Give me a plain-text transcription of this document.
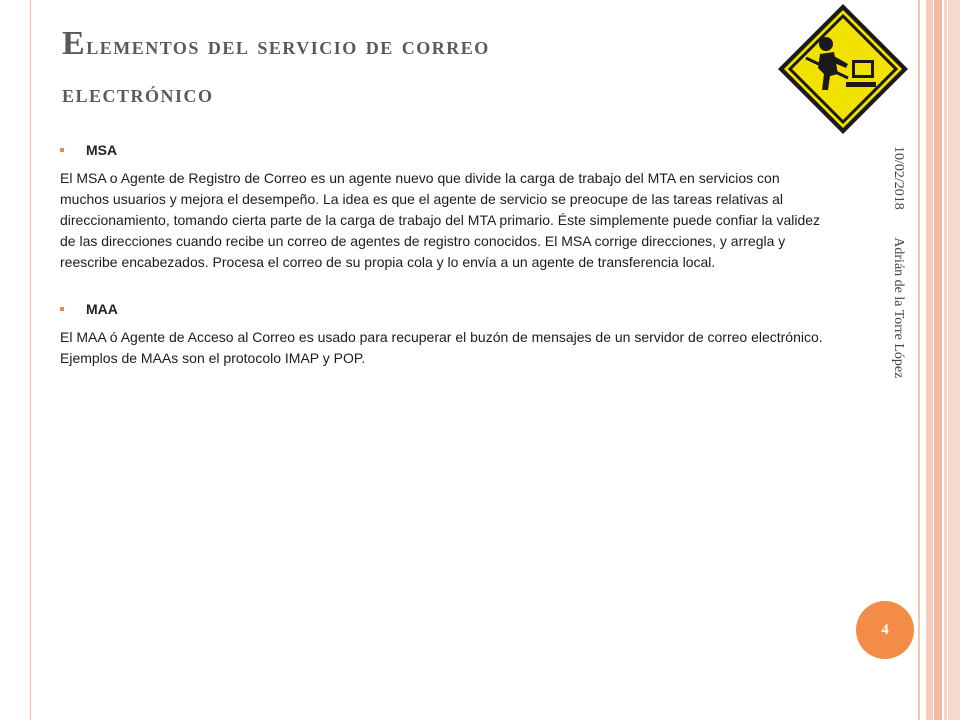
Elementos del servicio de correo
electrónico

MSA

El MSA o Agente de Registro de Correo es un agente nuevo que divide la carga de trabajo del MTA en servicios con muchos usuarios y mejora el desempeño. La idea es que el agente de servicio se preocupe de las tareas relativas al direccionamiento, tomando cierta parte de la carga de trabajo del MTA primario. Éste simplemente puede confiar la validez de las direcciones cuando recibe un correo de agentes de registro conocidos. El MSA corrige direcciones, y arregla y reescribe encabezados. Procesa el correo de su propia cola y lo envía a un agente de transferencia local.

MAA

El MAA ó Agente de Acceso al Correo es usado para recuperar el buzón de mensajes de un servidor de correo electrónico. Ejemplos de MAAs son el protocolo IMAP y POP.

10/02/2018 Adrián de la Torre López
4
